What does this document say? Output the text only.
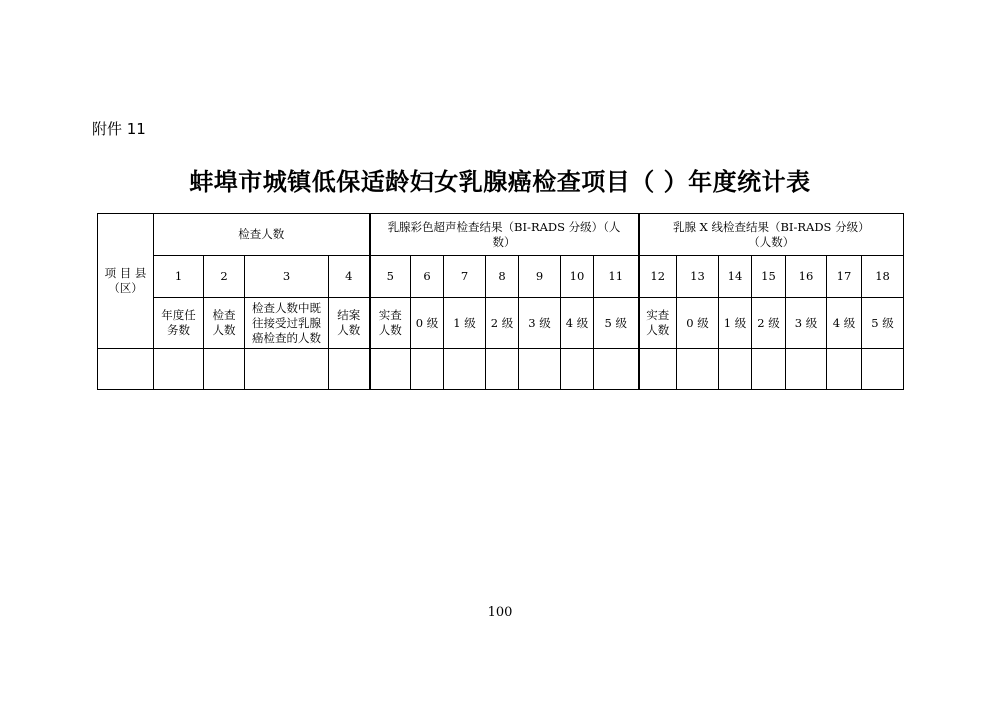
附件 11
蚌埠市城镇低保适龄妇女乳腺癌检查项目（ ）年度统计表
项 目 县（区）	检查人数				乳腺彩色超声检查结果（BI-RADS 分级）（人数）							乳腺 X 线检查结果（BI-RADS 分级）（人数）						
	1	2	3	4	5	6	7	8	9	10	11	12	13	14	15	16	17	18
	年度任务数	检查人数	检查人数中既往接受过乳腺癌检查的人数	结案人数	实查人数	0 级	1 级	2 级	3 级	4 级	5 级	实查人数	0 级	1 级	2 级	3 级	4 级	5 级

100
